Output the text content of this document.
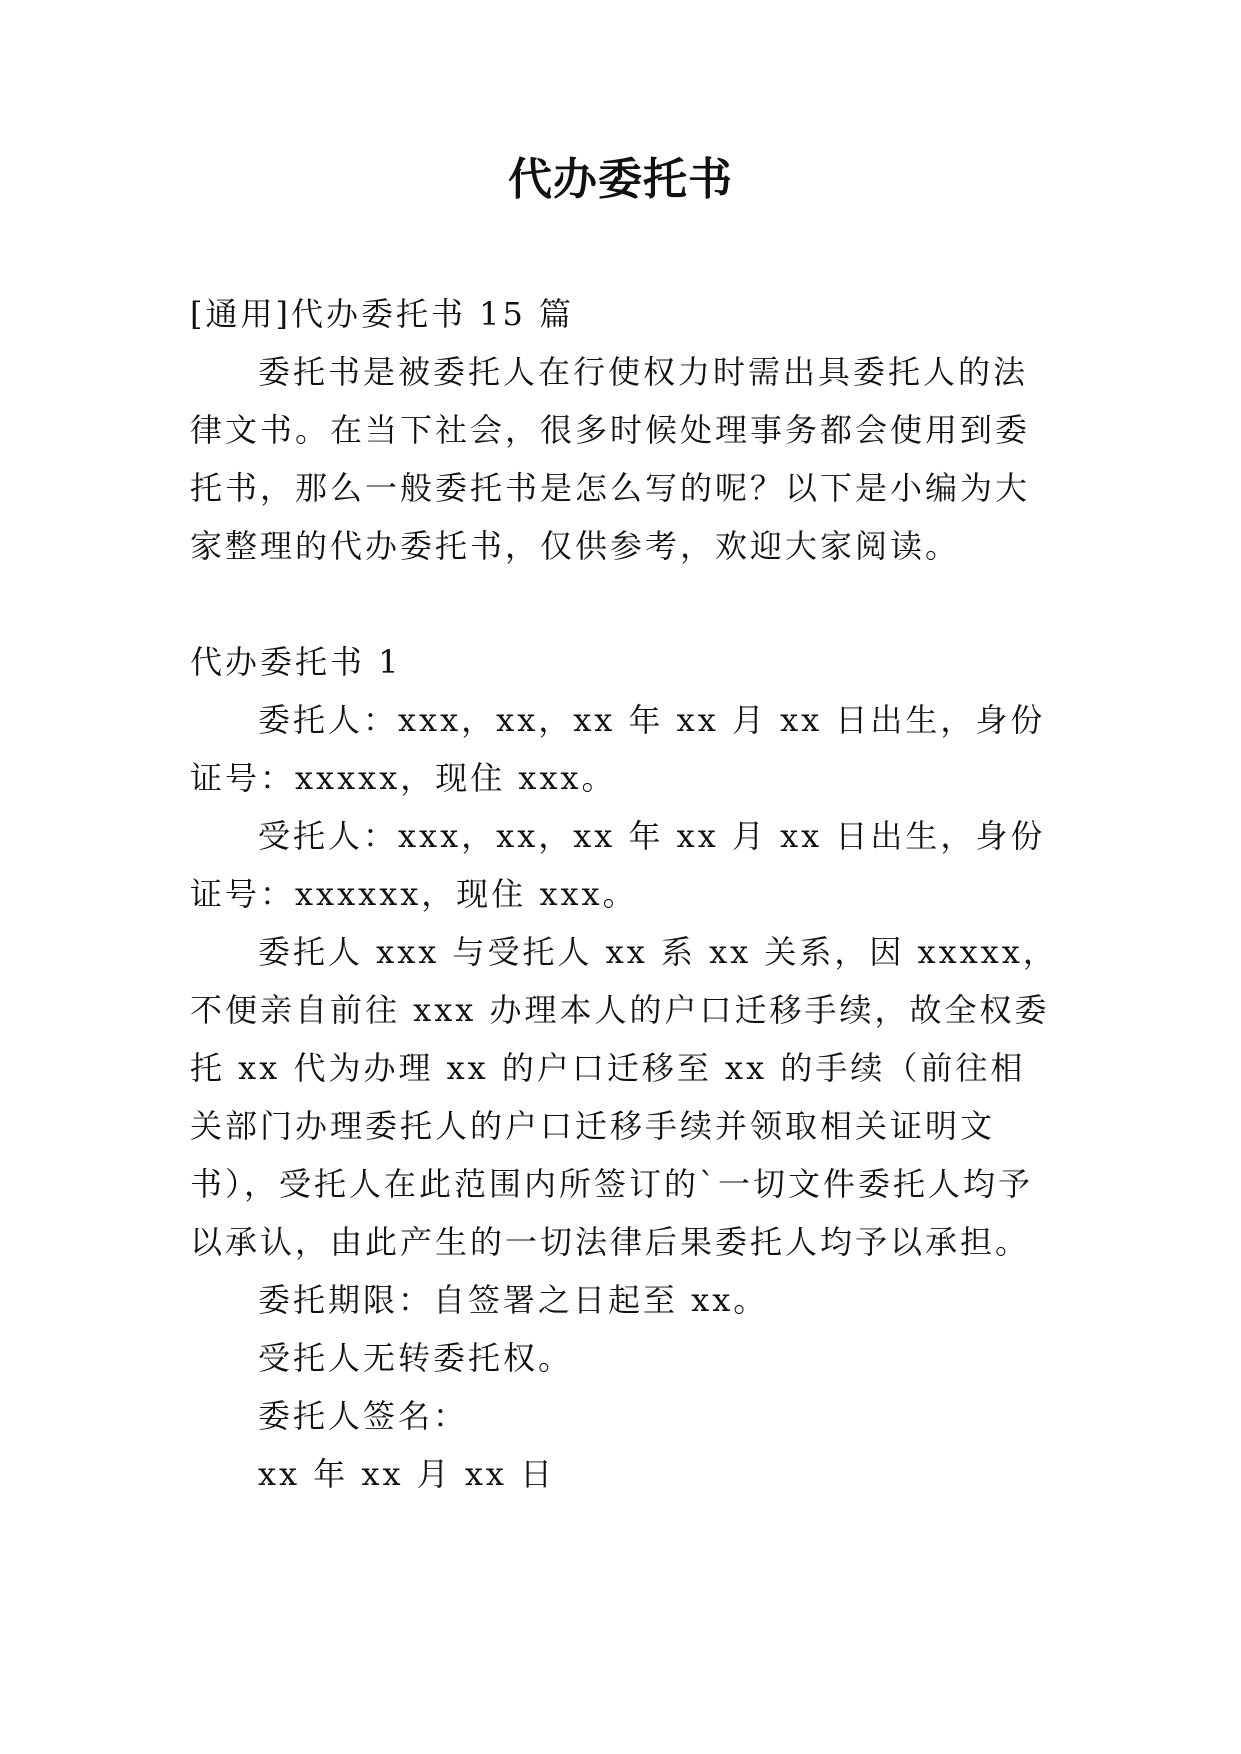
代办委托书

[通用]代办委托书 15 篇

委托书是被委托人在行使权力时需出具委托人的法律文书。在当下社会，很多时候处理事务都会使用到委托书，那么一般委托书是怎么写的呢？以下是小编为大家整理的代办委托书，仅供参考，欢迎大家阅读。

代办委托书 1

委托人：xxx，xx，xx 年 xx 月 xx 日出生，身份证号：xxxxx，现住 xxx。

受托人：xxx，xx，xx 年 xx 月 xx 日出生，身份证号：xxxxxx，现住 xxx。

委托人 xxx 与受托人 xx 系 xx 关系，因 xxxxx，不便亲自前往 xxx 办理本人的户口迁移手续，故全权委托 xx 代为办理 xx 的户口迁移至 xx 的手续（前往相关部门办理委托人的户口迁移手续并领取相关证明文书），受托人在此范围内所签订的`一切文件委托人均予以承认，由此产生的一切法律后果委托人均予以承担。

委托期限：自签署之日起至 xx。

受托人无转委托权。

委托人签名：

xx 年 xx 月 xx 日
